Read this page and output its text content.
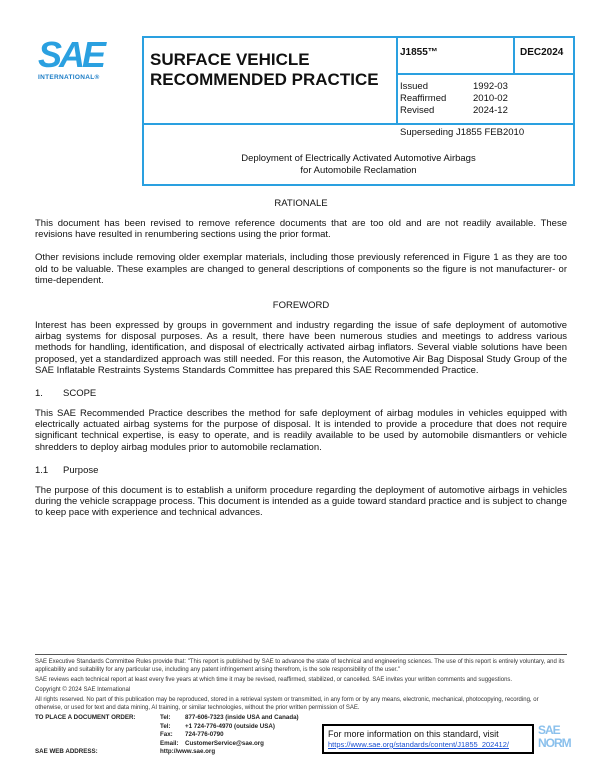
SAE
INTERNATIONAL®
SURFACE VEHICLE
RECOMMENDED PRACTICE
J1855™	DEC2024
Issued
Reaffirmed
Revised
1992-03
2010-02
2024-12
Superseding J1855 FEB2010
Deployment of Electrically Activated Automotive Airbags
for Automobile Reclamation
RATIONALE
This document has been revised to remove reference documents that are too old and are not readily available. These revisions have resulted in renumbering sections using the prior format.
Other revisions include removing older exemplar materials, including those previously referenced in Figure 1 as they are too old to be valuable. These examples are changed to general descriptions of components so the figure is not manufacturer- or time-dependent.
FOREWORD
Interest has been expressed by groups in government and industry regarding the issue of safe deployment of automotive airbag systems for disposal purposes. As a result, there have been numerous studies and meetings to address various methods for handling, identification, and disposal of electrically activated airbag inflators. Several viable solutions have been proposed, yet a standardized approach was still needed. For this reason, the Automotive Air Bag Disposal Study Group of the SAE Inflatable Restraints Systems Standards Committee has prepared this SAE Recommended Practice.
1. SCOPE
This SAE Recommended Practice describes the method for safe deployment of airbag modules in vehicles equipped with electrically actuated airbag systems for the purpose of disposal. It is intended to provide a procedure that does not require significant technical expertise, is easy to operate, and is readily available to be used by automobile dismantlers or vehicle shredders to deploy airbag modules prior to automobile reclamation.
1.1 Purpose
The purpose of this document is to establish a uniform procedure regarding the deployment of automotive airbags in vehicles during the vehicle scrappage process. This document is intended as a guide toward standard practice and is subject to change to keep pace with experience and technical advances.
SAE Executive Standards Committee Rules provide that: "This report is published by SAE to advance the state of technical and engineering sciences. The use of this report is entirely voluntary, and its applicability and suitability for any particular use, including any patent infringement arising therefrom, is the sole responsibility of the user."
SAE reviews each technical report at least every five years at which time it may be revised, reaffirmed, stabilized, or cancelled. SAE invites your written comments and suggestions.
Copyright © 2024 SAE International
All rights reserved. No part of this publication may be reproduced, stored in a retrieval system or transmitted, in any form or by any means, electronic, mechanical, photocopying, recording, or otherwise, or used for text and data mining, AI training, or similar technologies, without the prior written permission of SAE.
TO PLACE A DOCUMENT ORDER:
SAE WEB ADDRESS:
Tel:
Tel:
Fax:
Email:
877-606-7323 (inside USA and Canada)
+1 724-776-4970 (outside USA)
724-776-0790
CustomerService@sae.org
http://www.sae.org
For more information on this standard, visit
https://www.sae.org/standards/content/J1855_202412/
SAE NORM
